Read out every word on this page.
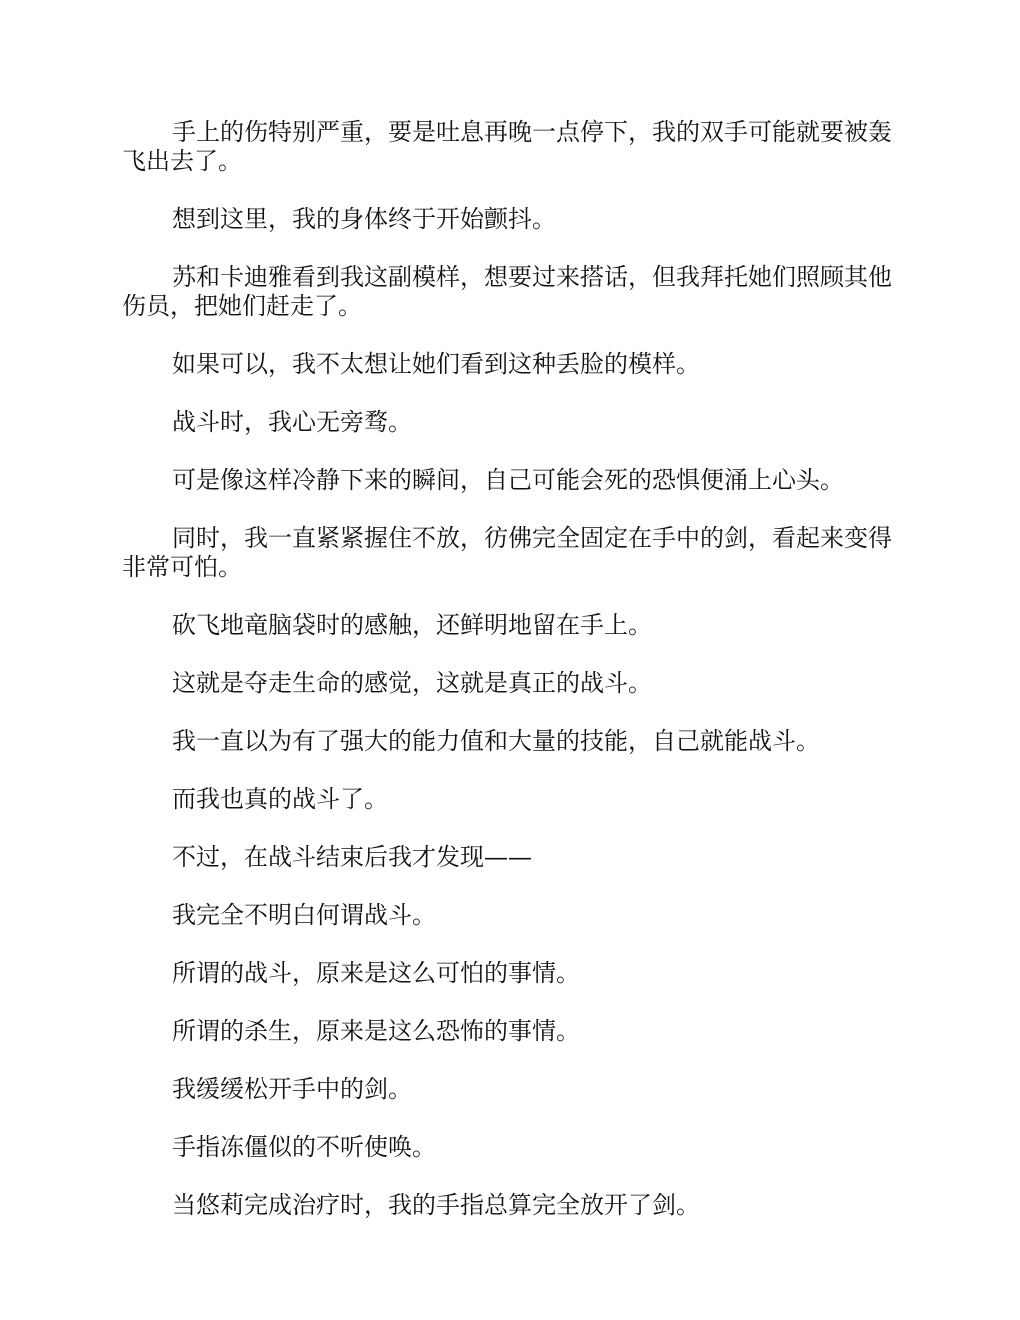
手上的伤特别严重，要是吐息再晚一点停下，我的双手可能就要被轰飞出去了。

想到这里，我的身体终于开始颤抖。

苏和卡迪雅看到我这副模样，想要过来搭话，但我拜托她们照顾其他伤员，把她们赶走了。

如果可以，我不太想让她们看到这种丢脸的模样。

战斗时，我心无旁骛。

可是像这样冷静下来的瞬间，自己可能会死的恐惧便涌上心头。

同时，我一直紧紧握住不放，彷佛完全固定在手中的剑，看起来变得非常可怕。

砍飞地竜脑袋时的感触，还鲜明地留在手上。

这就是夺走生命的感觉，这就是真正的战斗。

我一直以为有了强大的能力值和大量的技能，自己就能战斗。

而我也真的战斗了。

不过，在战斗结束后我才发现——

我完全不明白何谓战斗。

所谓的战斗，原来是这么可怕的事情。

所谓的杀生，原来是这么恐怖的事情。

我缓缓松开手中的剑。

手指冻僵似的不听使唤。

当悠莉完成治疗时，我的手指总算完全放开了剑。
